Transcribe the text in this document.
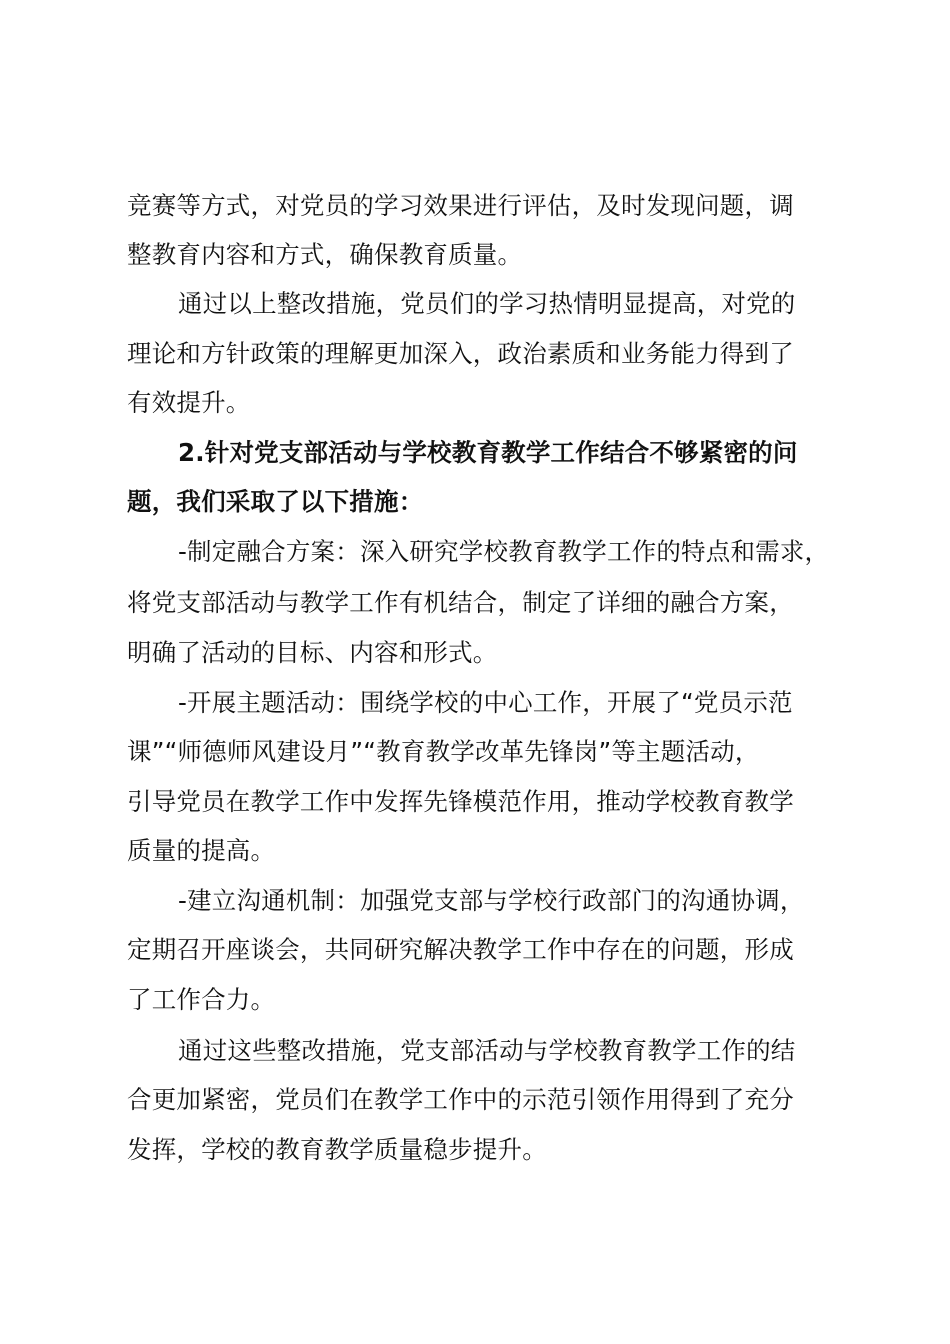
竞赛等方式，对党员的学习效果进行评估，及时发现问题，调
整教育内容和方式，确保教育质量。
通过以上整改措施，党员们的学习热情明显提高，对党的
理论和方针政策的理解更加深入，政治素质和业务能力得到了
有效提升。
2.针对党支部活动与学校教育教学工作结合不够紧密的问
题，我们采取了以下措施：
-制定融合方案：深入研究学校教育教学工作的特点和需求，
将党支部活动与教学工作有机结合，制定了详细的融合方案，
明确了活动的目标、内容和形式。
-开展主题活动：围绕学校的中心工作，开展了“党员示范
课”“师德师风建设月”“教育教学改革先锋岗”等主题活动，
引导党员在教学工作中发挥先锋模范作用，推动学校教育教学
质量的提高。
-建立沟通机制：加强党支部与学校行政部门的沟通协调，
定期召开座谈会，共同研究解决教学工作中存在的问题，形成
了工作合力。
通过这些整改措施，党支部活动与学校教育教学工作的结
合更加紧密，党员们在教学工作中的示范引领作用得到了充分
发挥，学校的教育教学质量稳步提升。
